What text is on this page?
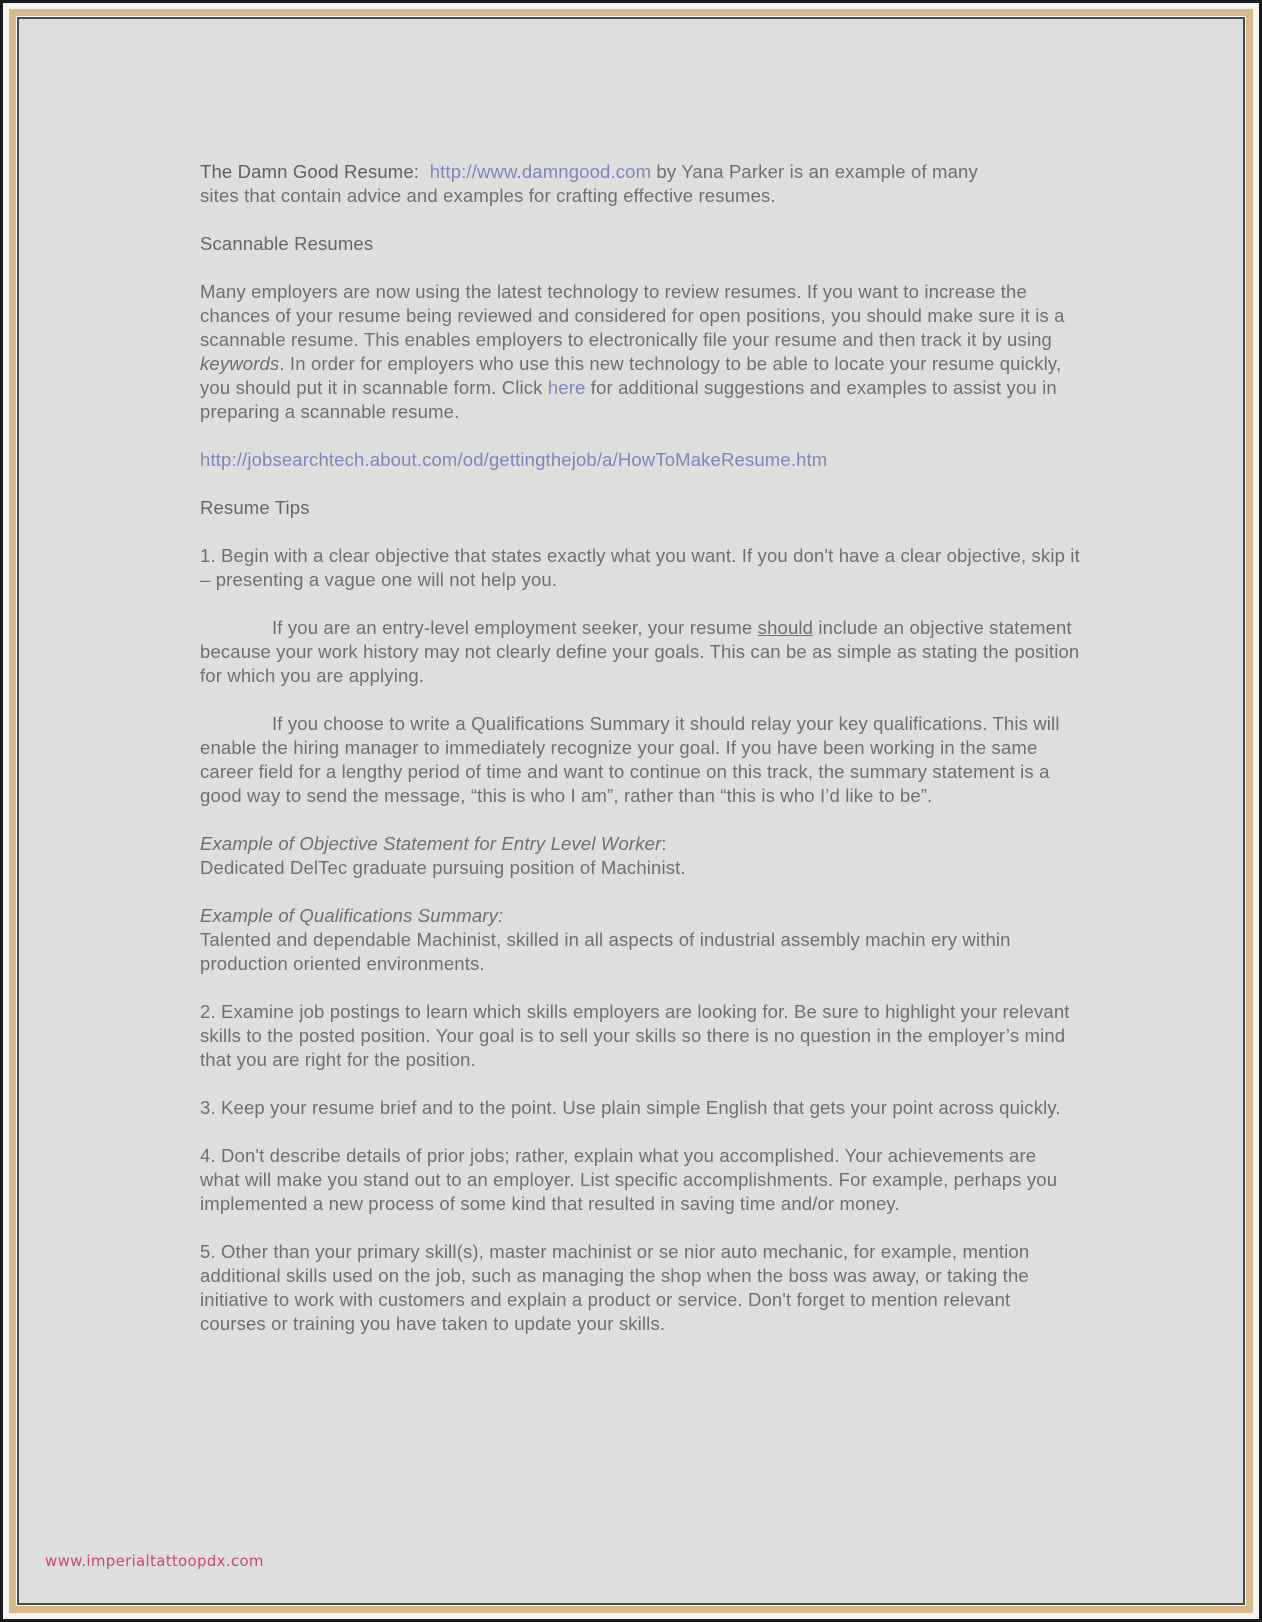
The Damn Good Resume: http://www.damngood.com by Yana Parker is an example of many
sites that contain advice and examples for crafting effective resumes.

Scannable Resumes

Many employers are now using the latest technology to review resumes. If you want to increase the chances of your resume being reviewed and considered for open positions, you should make sure it is a scannable resume. This enables employers to electronically file your resume and then track it by using keywords. In order for employers who use this new technology to be able to locate your resume quickly, you should put it in scannable form. Click here for additional suggestions and examples to assist you in preparing a scannable resume.

http://jobsearchtech.about.com/od/gettingthejob/a/HowToMakeResume.htm

Resume Tips

1. Begin with a clear objective that states exactly what you want. If you don't have a clear objective, skip it – presenting a vague one will not help you.

If you are an entry-level employment seeker, your resume should include an objective statement because your work history may not clearly define your goals. This can be as simple as stating the position for which you are applying.

If you choose to write a Qualifications Summary it should relay your key qualifications. This will enable the hiring manager to immediately recognize your goal. If you have been working in the same career field for a lengthy period of time and want to continue on this track, the summary statement is a good way to send the message, “this is who I am”, rather than “this is who I’d like to be”.

Example of Objective Statement for Entry Level Worker:
Dedicated DelTec graduate pursuing position of Machinist.

Example of Qualifications Summary:
Talented and dependable Machinist, skilled in all aspects of industrial assembly machin ery within production oriented environments.

2. Examine job postings to learn which skills employers are looking for. Be sure to highlight your relevant skills to the posted position. Your goal is to sell your skills so there is no question in the employer’s mind that you are right for the position.

3. Keep your resume brief and to the point. Use plain simple English that gets your point across quickly.

4. Don't describe details of prior jobs; rather, explain what you accomplished. Your achievements are what will make you stand out to an employer. List specific accomplishments. For example, perhaps you implemented a new process of some kind that resulted in saving time and/or money.

5. Other than your primary skill(s), master machinist or se nior auto mechanic, for example, mention additional skills used on the job, such as managing the shop when the boss was away, or taking the initiative to work with customers and explain a product or service. Don't forget to mention relevant courses or training you have taken to update your skills.

www.imperialtattoopdx.com
